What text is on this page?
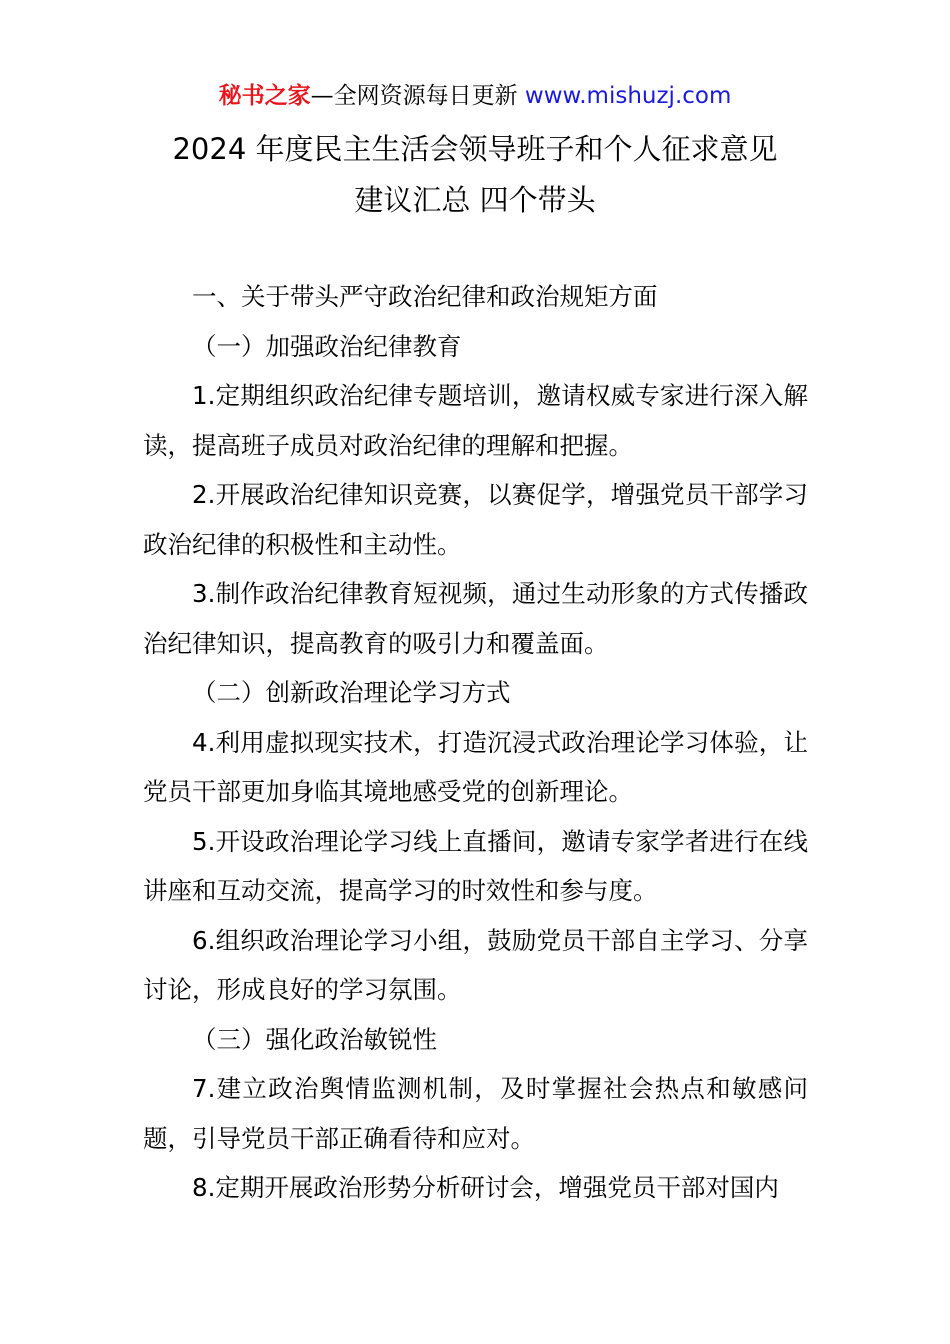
秘书之家—全网资源每日更新 www.mishuzj.com
2024 年度民主生活会领导班子和个人征求意见
建议汇总 四个带头

一、关于带头严守政治纪律和政治规矩方面

（一）加强政治纪律教育

1.定期组织政治纪律专题培训，邀请权威专家进行深入解读，提高班子成员对政治纪律的理解和把握。

2.开展政治纪律知识竞赛，以赛促学，增强党员干部学习政治纪律的积极性和主动性。

3.制作政治纪律教育短视频，通过生动形象的方式传播政治纪律知识，提高教育的吸引力和覆盖面。

（二）创新政治理论学习方式

4.利用虚拟现实技术，打造沉浸式政治理论学习体验，让党员干部更加身临其境地感受党的创新理论。

5.开设政治理论学习线上直播间，邀请专家学者进行在线讲座和互动交流，提高学习的时效性和参与度。

6.组织政治理论学习小组，鼓励党员干部自主学习、分享讨论，形成良好的学习氛围。

（三）强化政治敏锐性

7.建立政治舆情监测机制，及时掌握社会热点和敏感问题，引导党员干部正确看待和应对。

8.定期开展政治形势分析研讨会，增强党员干部对国内
